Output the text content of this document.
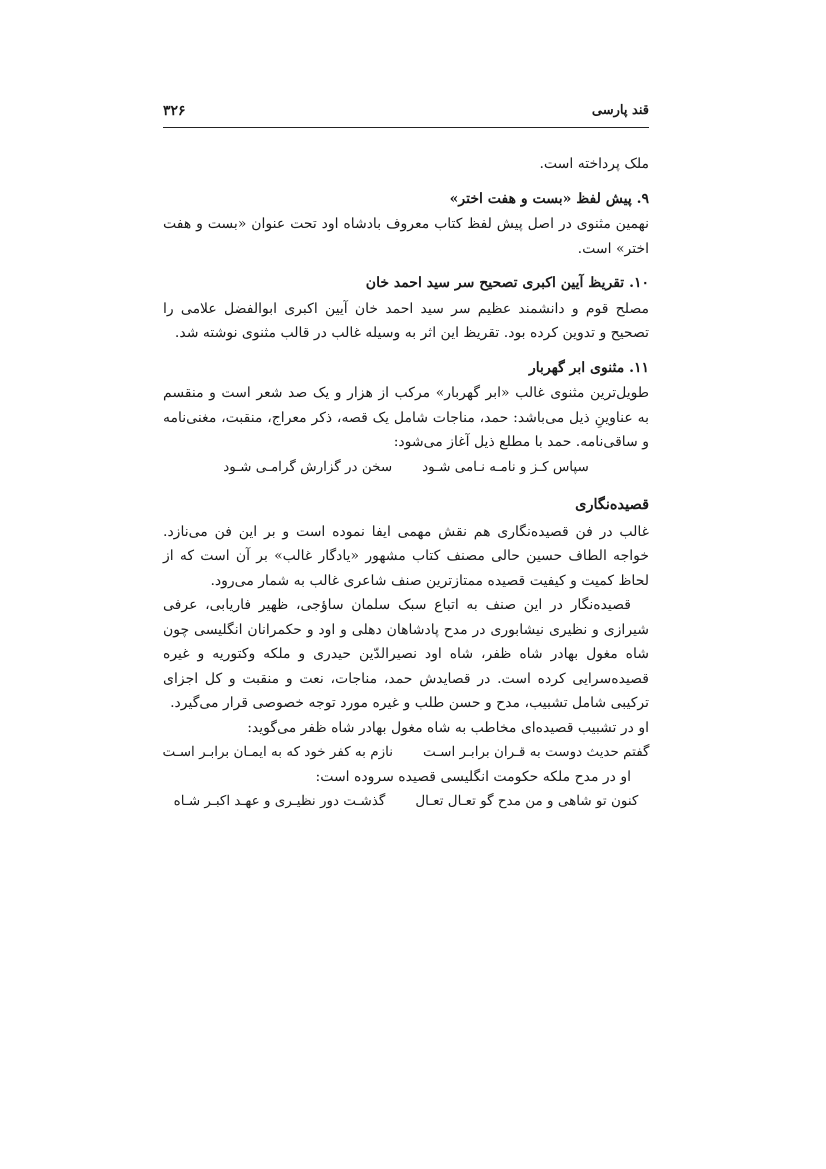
قند پارسی
۳۲۶

ملک پرداخته است.

۹. پیش لفظ «بست و هفت اختر»

نهمین مثنوی در اصل پیش لفظ کتاب معروف بادشاه اود تحت عنوان «بست و هفت اختر» است.

۱۰. تقریظ آیین اکبری تصحیح سر سید احمد خان

مصلح قوم و دانشمند عظیم سر سید احمد خان آیین اکبری ابوالفضل علامی را تصحیح و تدوین کرده بود. تقریظ این اثر به وسیله غالب در قالب مثنوی نوشته شد.

۱۱. مثنوی ابر گهربار

طویل‌ترین مثنوی غالب «ابر گهربار» مرکب از هزار و یک صد شعر است و منقسم به عناوینِ ذیل می‌باشد: حمد، مناجات شامل یک قصه، ذکر معراج، منقبت، مغنی‌نامه و ساقی‌نامه. حمد با مطلع ذیل آغاز می‌شود:

سپاس کـز و نامـه نـامی شـود
سخن در گزارش گرامـی شـود
قصیده‌نگاری

غالب در فن قصیده‌نگاری هم نقش مهمی ایفا نموده است و بر این فن می‌نازد. خواجه الطاف حسین حالی مصنف کتاب مشهور «یادگار غالب» بر آن است که از لحاظ کمیت و کیفیت قصیده ممتازترین صنف شاعری غالب به شمار می‌رود.

قصیده‌نگار در این صنف به اتباع سبک سلمان ساؤجی، ظهیر فاریابی، عرفی شیرازی و نظیری نیشابوری در مدح پادشاهان دهلی و اود و حکمرانان انگلیسی چون شاه مغول بهادر شاه ظفر، شاه اود نصیرالدّین حیدری و ملکه وکتوریه و غیره قصیده‌سرایی کرده است. در قصایدش حمد، مناجات، نعت و منقبت و کل اجزای ترکیبی شامل تشبیب، مدح و حسن طلب و غیره مورد توجه خصوصی قرار می‌گیرد.

او در تشبیب قصیده‌ای مخاطب به شاه مغول بهادر شاه ظفر می‌گوید:

گفتم حدیث دوست به قـران برابـر اسـت
نازم به کفر خود که به ایمـان برابـر اسـت

او در مدح ملکه حکومت انگلیسی قصیده سروده است:

کنون تو شاهی و من مدح گو تعـال تعـال
گذشـت دور نظیـری و عهـد اکبـر شـاه
